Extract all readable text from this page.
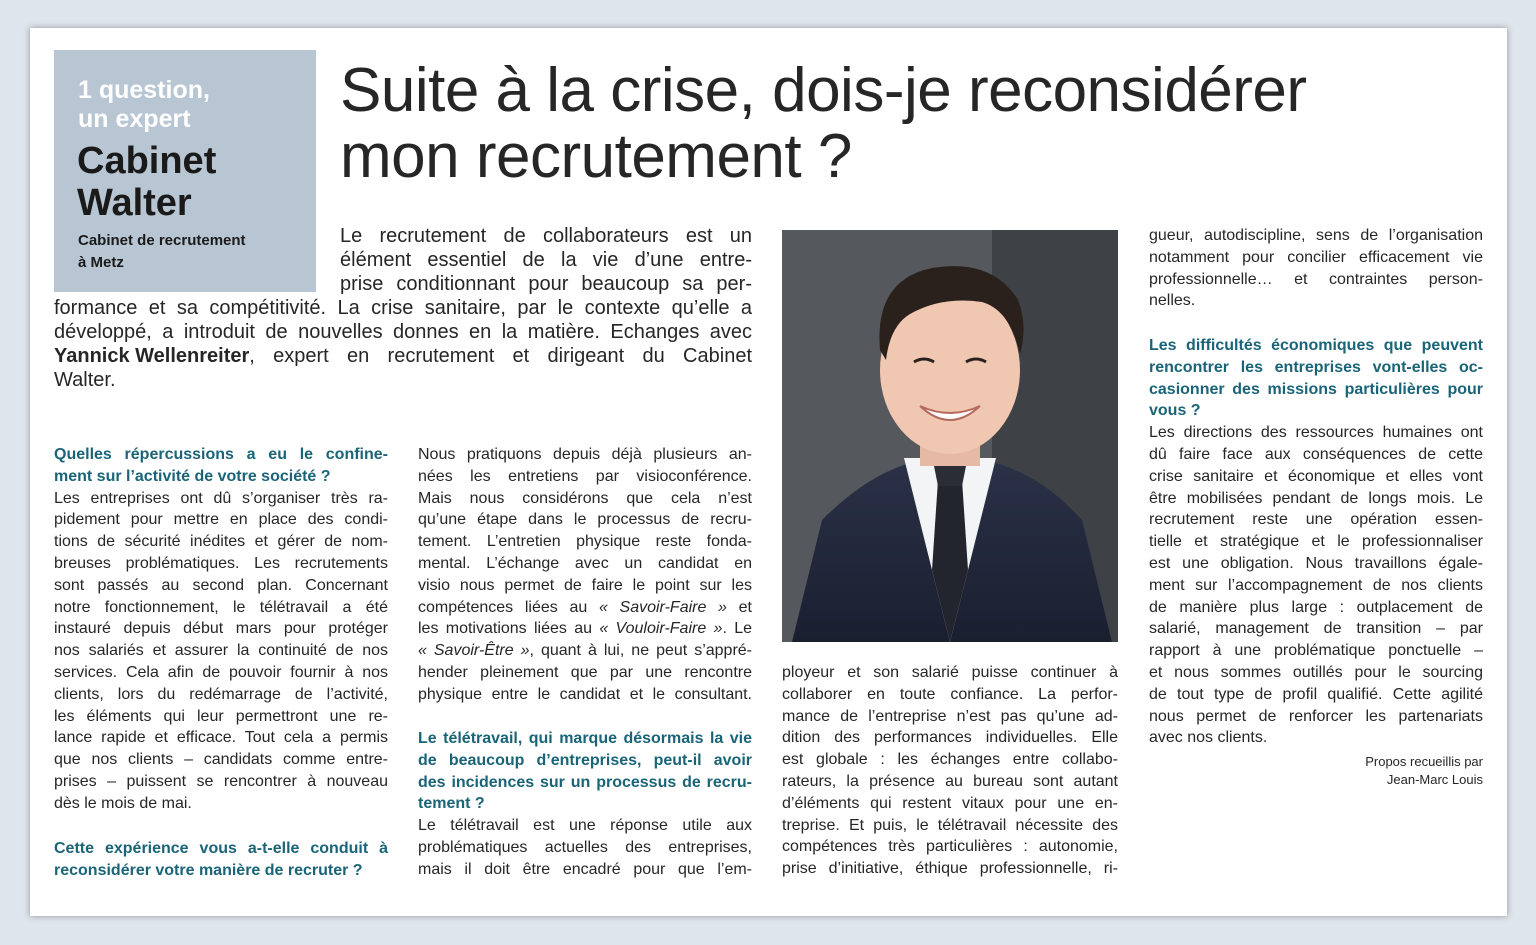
1 question,
un expert
Cabinet
Walter
Cabinet de recrutement
à Metz
Suite à la crise, dois-je reconsidérer
mon recrutement ?
Le recrutement de collaborateurs est un
élément essentiel de la vie d’une entre-
prise conditionnant pour beaucoup sa per-
formance et sa compétitivité. La crise sanitaire, par le contexte qu’elle a
développé, a introduit de nouvelles donnes en la matière. Echanges avec
Yannick Wellenreiter , expert en recrutement et dirigeant du Cabinet
Walter.
Quelles répercussions a eu le confine-
ment sur l’activité de votre société ?
Les entreprises ont dû s’organiser très ra-
pidement pour mettre en place des condi-
tions de sécurité inédites et gérer de nom-
breuses problématiques. Les recrutements
sont passés au second plan. Concernant
notre fonctionnement, le télétravail a été
instauré depuis début mars pour protéger
nos salariés et assurer la continuité de nos
services. Cela afin de pouvoir fournir à nos
clients, lors du redémarrage de l’activité,
les éléments qui leur permettront une re-
lance rapide et efficace. Tout cela a permis
que nos clients – candidats comme entre-
prises – puissent se rencontrer à nouveau
dès le mois de mai.
Cette expérience vous a-t-elle conduit à
reconsidérer votre manière de recruter ?
Nous pratiquons depuis déjà plusieurs an-
nées les entretiens par visioconférence.
Mais nous considérons que cela n’est
qu’une étape dans le processus de recru-
tement. L’entretien physique reste fonda-
mental. L’échange avec un candidat en
visio nous permet de faire le point sur les
compétences liées au « Savoir-Faire » et
les motivations liées au « Vouloir-Faire ». Le
« Savoir-Être », quant à lui, ne peut s’appré-
hender pleinement que par une rencontre
physique entre le candidat et le consultant.
Le télétravail, qui marque désormais la vie
de beaucoup d’entreprises, peut-il avoir
des incidences sur un processus de recru-
tement ?
Le télétravail est une réponse utile aux
problématiques actuelles des entreprises,
mais il doit être encadré pour que l’em-
ployeur et son salarié puisse continuer à
collaborer en toute confiance. La perfor-
mance de l’entreprise n’est pas qu’une ad-
dition des performances individuelles. Elle
est globale : les échanges entre collabo-
rateurs, la présence au bureau sont autant
d’éléments qui restent vitaux pour une en-
treprise. Et puis, le télétravail nécessite des
compétences très particulières : autonomie,
prise d’initiative, éthique professionnelle, ri-
gueur, autodiscipline, sens de l’organisation
notamment pour concilier efficacement vie
professionnelle… et contraintes person-
nelles.
Les difficultés économiques que peuvent
rencontrer les entreprises vont-elles oc-
casionner des missions particulières pour
vous ?
Les directions des ressources humaines ont
dû faire face aux conséquences de cette
crise sanitaire et économique et elles vont
être mobilisées pendant de longs mois. Le
recrutement reste une opération essen-
tielle et stratégique et le professionnaliser
est une obligation. Nous travaillons égale-
ment sur l’accompagnement de nos clients
de manière plus large : outplacement de
salarié, management de transition – par
rapport à une problématique ponctuelle –
et nous sommes outillés pour le sourcing
de tout type de profil qualifié. Cette agilité
nous permet de renforcer les partenariats
avec nos clients.
Propos recueillis par
Jean-Marc Louis
